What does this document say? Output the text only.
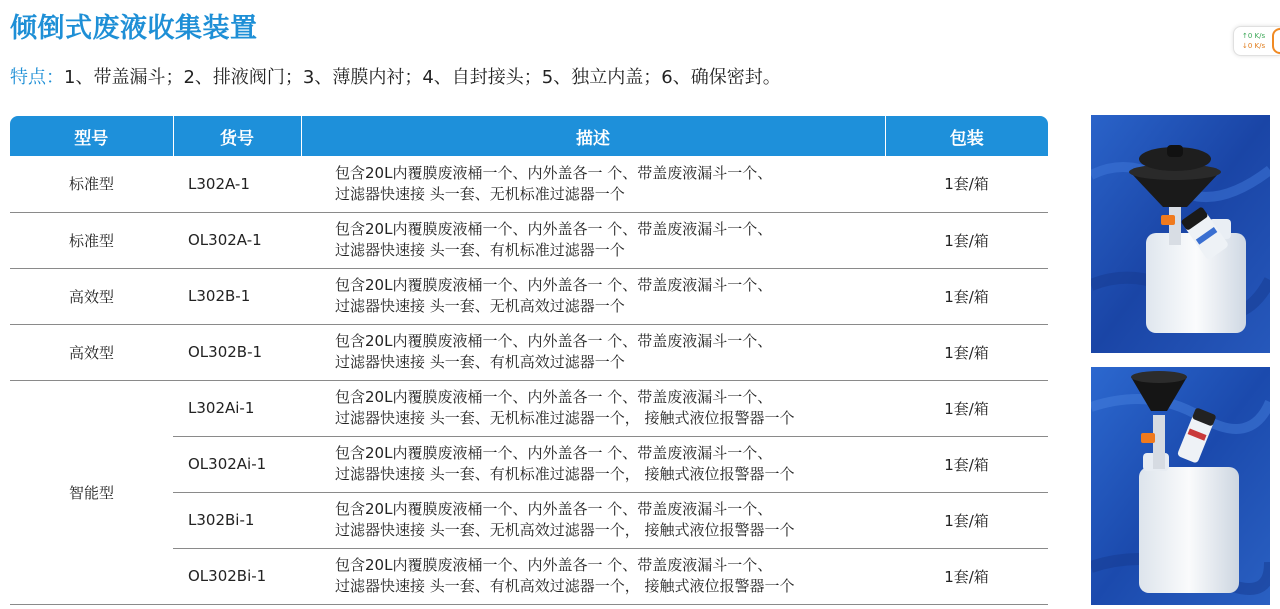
倾倒式废液收集装置
特点：1、带盖漏斗；2、排液阀门；3、薄膜内衬；4、自封接头；5、独立内盖；6、确保密封。
↑0 K/s
↓0 K/s
型号	货号	描述	包装
标准型	L302A-1	包含20L内覆膜废液桶一个、内外盖各一 个、带盖废液漏斗一个、
过滤器快速接 头一套、无机标准过滤器一个	1套/箱
标准型	OL302A-1	包含20L内覆膜废液桶一个、内外盖各一 个、带盖废液漏斗一个、
过滤器快速接 头一套、有机标准过滤器一个	1套/箱
高效型	L302B-1	包含20L内覆膜废液桶一个、内外盖各一 个、带盖废液漏斗一个、
过滤器快速接 头一套、无机高效过滤器一个	1套/箱
高效型	OL302B-1	包含20L内覆膜废液桶一个、内外盖各一 个、带盖废液漏斗一个、
过滤器快速接 头一套、有机高效过滤器一个	1套/箱
智能型	L302Ai-1	包含20L内覆膜废液桶一个、内外盖各一 个、带盖废液漏斗一个、
过滤器快速接 头一套、无机标准过滤器一个， 接触式液位报警器一个	1套/箱
	OL302Ai-1	包含20L内覆膜废液桶一个、内外盖各一 个、带盖废液漏斗一个、
过滤器快速接 头一套、有机标准过滤器一个， 接触式液位报警器一个	1套/箱
	L302Bi-1	包含20L内覆膜废液桶一个、内外盖各一 个、带盖废液漏斗一个、
过滤器快速接 头一套、无机高效过滤器一个， 接触式液位报警器一个	1套/箱
	OL302Bi-1	包含20L内覆膜废液桶一个、内外盖各一 个、带盖废液漏斗一个、
过滤器快速接 头一套、有机高效过滤器一个， 接触式液位报警器一个	1套/箱
